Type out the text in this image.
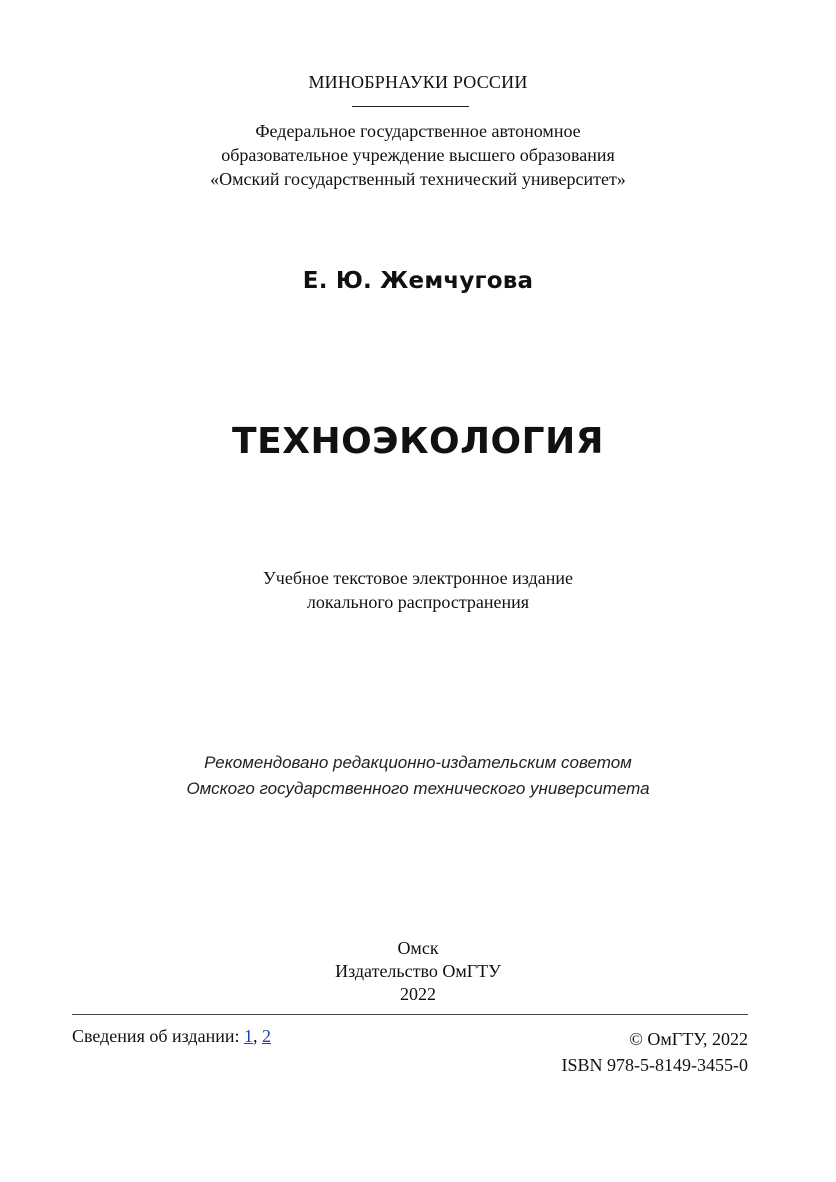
МИНОБРНАУКИ РОССИИ
Федеральное государственное автономное
образовательное учреждение высшего образования
«Омский государственный технический университет»
Е. Ю. Жемчугова
ТЕХНОЭКОЛОГИЯ
Учебное текстовое электронное издание
локального распространения
Рекомендовано редакционно-издательским советом
Омского государственного технического университета
Омск
Издательство ОмГТУ
2022
Сведения об издании: 1, 2	© ОмГТУ, 2022
ISBN 978-5-8149-3455-0
